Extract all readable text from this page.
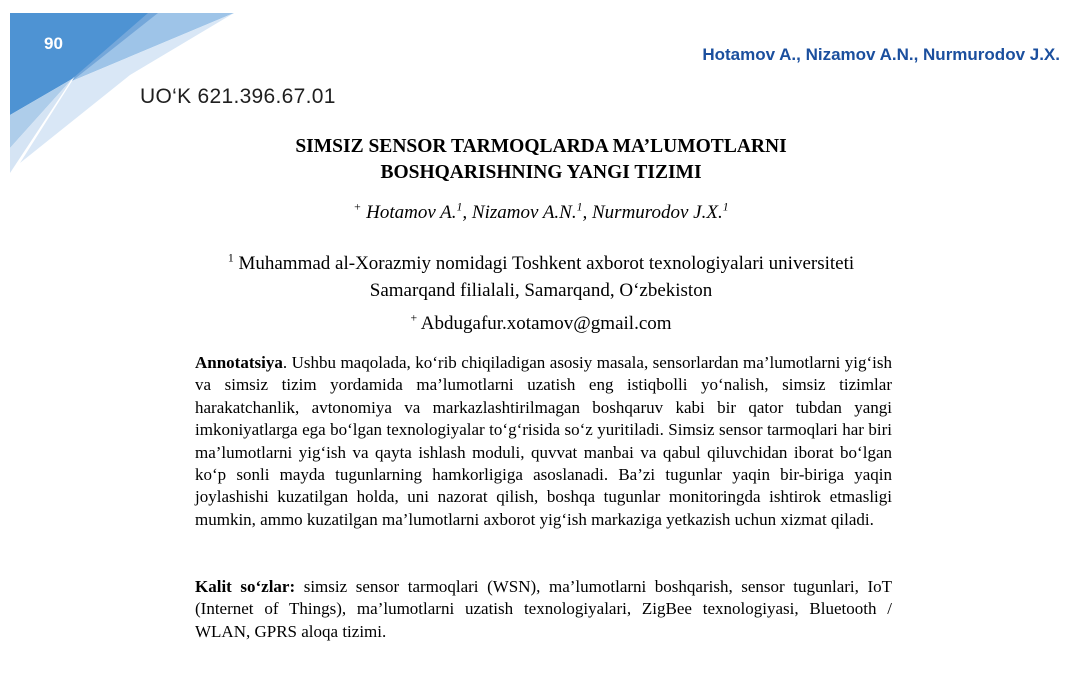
90
Hotamov A., Nizamov A.N., Nurmurodov J.X.
UO‘K 621.396.67.01
SIMSIZ SENSOR TARMOQLARDA MA’LUMOTLARNI
BOSHQARISHNING YANGI TIZIMI
+ Hotamov A.$^1$, Nizamov A.N.$^1$, Nurmurodov J.X.$^1$
$^1$ Muhammad al-Xorazmiy nomidagi Toshkent axborot texnologiyalari universiteti
Samarqand filialali, Samarqand, O‘zbekiston
+ Abdugafur.xotamov@gmail.com
Annotatsiya. Ushbu maqolada, ko‘rib chiqiladigan asosiy masala, sensorlardan ma’lumotlarni yig‘ish va simsiz tizim yordamida ma’lumotlarni uzatish eng istiqbolli yo‘nalish, simsiz tizimlar harakatchanlik, avtonomiya va markazlashtirilmagan boshqaruv kabi bir qator tubdan yangi imkoniyatlarga ega bo‘lgan texnologiyalar to‘g‘risida so‘z yuritiladi. Simsiz sensor tarmoqlari har biri ma’lumotlarni yig‘ish va qayta ishlash moduli, quvvat manbai va qabul qiluvchidan iborat bo‘lgan ko‘p sonli mayda tugunlarning hamkorligiga asoslanadi. Ba’zi tugunlar yaqin bir-biriga yaqin joylashishi kuzatilgan holda, uni nazorat qilish, boshqa tugunlar monitoringda ishtirok etmasligi mumkin, ammo kuzatilgan ma’lumotlarni axborot yig‘ish markaziga yetkazish uchun xizmat qiladi.
Kalit so‘zlar: simsiz sensor tarmoqlari (WSN), ma’lumotlarni boshqarish, sensor tugunlari, IoT (Internet of Things), ma’lumotlarni uzatish texnologiyalari, ZigBee texnologiyasi, Bluetooth / WLAN, GPRS aloqa tizimi.
